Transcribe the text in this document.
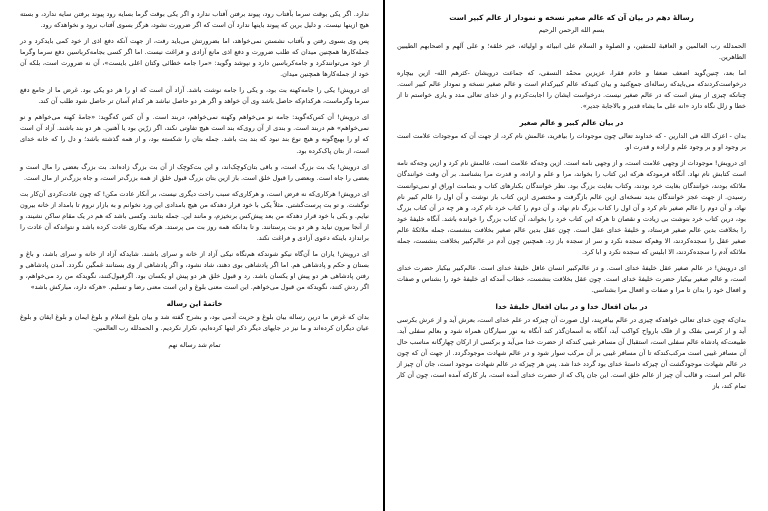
ندارد. اگر یکی بوقت سرما بآفتاب رود، پیوند برفتن آفتاب ندارد و اگر یکی بوقت گرما بسایه رود پیوند برفتن سایه ندارد، و بسته هیچ ازینها نیست. و دلیل برین که پیوند باینها ندارد آن است که اگر ضرورت نشود، هرگز بسوی آفتاب نرود و نخواهدکه رود.

پس وی بسوی رفتن و بآفتاب نشستن نمی‌خواهد، اما بضرورتش می‌باید رفت، از جهت آنکه دفع اذی از خود کمی بایدکرد و در جمله‌کارها همچنین میدان که طلب ضرورت و دفع اذی مانع آزادی و فراغت نیست. اما اگر کسی بجامه‌کرباسین دفع سرما وگرما از خود می‌توانندکرد و جامه‌کرباسین دارد و نپوشد وگوید: «مرا جامه خطائی وکتان اعلی بایست»، آن نه ضرورت است، بلکه آن خود از جمله‌کارها همچنین میدان.

ای درویش! یکی را جامه‌کهنه بت بود، و یکی را جامه نوشت باشد. آزاد آن است که او را هر دو یکی بود. غرض ما از جامع دفع سرما وگرماست، هرکدام‌که حاصل باشد وی آن خواهد و اگر هر دو حاصل نباشد هر کدام آسان تر حاصل شود طلب آن کند.

ای درویش! آن کس‌که‌گوید: جامه نو می‌خواهم وکهنه نمی‌خواهم، دربند است. و آن کس که‌گوید: «جامهٔ کهنه می‌خواهم و نو نمی‌خواهم» هم دربند است. و بندی از آن روی‌که بند است هیچ تفاوتی نکند، اگر زرّین بود یا آهنین. هر دو بند باشند. آزاد آن است که او را بهیچ‌گونه و هیچ نوع بند نبود که بند بت باشد. جمله بتان را شکسته بود، و از همه گذشته باشد؛ و دل را که خانه خدای است، از بتان پاک‌کرده بود.

ای درویش! یک بت بزرگ است، و باقی بتان‌کوچک‌اند، و این بت‌کوچک از آن بت بزرگ زاده‌اند. بت بزرگ بعضی را مال است و بعضی را جاه است. وبعضی را قبول خلق است. باز ازین بتان بزرگ قبول خلق از همه بزرگ‌تر است، و جاه بزرگ‌تر از مال است.

ای درویش! هرکاری‌که نه فرض است، و هرکاری‌که سبب راحت دیگری نیست، بر آنکار عادت مکن! که چون عادت‌کردی آن‌کار بت توگشت. و تو بت پرست‌گشتی. مثلاً یکی با خود قرار دهدکه من هیچ‌ بامدادی این ورد نخوانم و به بازار نروم تا بامداد از خانه بیرون نیایم. و یکی با خود قرار دهدکه من بعد پیش‌کس برنخیزم، و مانند این. جمله بتانند. وکسی باشد که هم در یک مقام ساکن نشیند، و از آنجا بیرون نیاید و هر دو بت پرستانند. و تا بدانکه همه روز بت می پرستد. هرکه بیکاری عادت کرده باشد و نتواندکه آن عادت را براندازد باینکه دعوی آزادی و فراغت نکند.

ای درویش! یاران ما آن‌گاه نیکو شوندکه هم‌نگاه نیکی آزاد از خانه و سرای باشند. شایدکه آزاد از خانه و سرای باشد، و باغ و بستان و حکم و پادشاهی هم. اما اگر پادشاهی بوی دهند، شاد نشود، و اگر پادشاهی از وی بستانند غمگین نگردد. آمدن پادشاهی و رفتن پادشاهی هر دو پیش او یکسان باشد. رد و قبول خلق هر دو پیش او یکسان بود. اگرقبول‌کنند، نگوید‌که من رد می‌خواهم، و اگر ردش کنند، نگوید‌که من قبول می‌خواهم. این است معنی بلوغ و این است معنی رضا و تسلیم. «هرکه دارد، مبارکش باشد»

خاتمهٔ این رساله

بدان که غرض ما درین رساله بیان بلوغ و حریت آدمی بود، و بشرح گفته شد و بیان بلوغ اسلام و بلوغ ایمان و بلوغ ایقان و بلوغ عیان دیگران کرده‌اند و ما نیز در جایهای دیگر ذکر اینها کرده‌ایم، تکرار نکردیم. و الحمدلله رب العالمین.

تمام شد رساله نهم
رسالهٔ دهم در بیان آن که عالم صغیر نسخه و نمودار از عالم کبیر است

بسم الله الرحمن الرحیم

الحمدلله رب العالمین و العاقبة للمتقین، و الصلوة و السلام علی انبیائه و اولیائه، خیر خلقه؛ و علی آلهم و اصحابهم الطیبین الطاهرین.

اما بعد، چنین‌گوید اضعف ضعفا و خادم فقرا، عزیزین محمّد النسفی، که جماعت درویشان -کثرهم الله- ازین بیچاره درخواست‌کردندکه می‌بایدکه رساله‌ای جمع‌کنید و بیان کنیدکه عالم کبیرکدام است و عالم صغیر نسخه و نمودار عالم کبیر است. چنانکه چیزی از بیش است که در عالم صغیر نیست. درخواست ایشان را اجابت‌کردم و از خدای تعالی مدد و یاری خواستم تا از خطا و زلل نگاه دارد «انه علی ما یشاء قدیر و بالاجابة جدیر».

در بیان عالم کبیر و عالم صغیر

بدان - اعزک الله فی الدارین - که خداوند تعالی چون موجودات را بیافرید، عالمش نام کرد، از جهت آن که موجودات علامت است بر وجود او و بر وجود علم و اراده و قدرت او.

ای درویش! موجودات از وجهی علامت است، و از وجهی نامه است. ازین وجه‌که علامت است، عالمش نام کرد و ازین وجه‌که نامه است کتابش نام نهاد. آنگاه فرمودکه هرکه این کتاب را بخواند، مرا و علم و اراده، و قدرت مرا بشناسد. بر آن وقت خوانندگان ملائکه بودند، خوانندگان بغایت خرد بودند، وکتاب بغایت بزرگ بود. نظر خوانندگان بکنارهای کتاب و بتمامت اوراق او نمی‌توانست رسیدن. از جهت عجز خوانندگان بدید نسخه‌ای ازین عالم بازگرفت و مختصری ازین کتاب باز نوشت و آن اول را عالم کبیر نام نهاد، و آن دوم را عالم صغیر نام کرد و آن اول را کتاب بزرگ نام نهاد، و آن دوم را کتاب خرد نام کرد، و هر چه در آن کتاب بزرگ بود، درین کتاب خرد بنوشت بی زیادت و نقصان تا هرکه این کتاب خرد را بخواند، آن کتاب بزرگ را خوانده باشد. آنگاه خلیفهٔ خود را بخلافت بدین عالم صغیر فرستاد، و خلیفهٔ خدای عقل است. چون عقل بدین عالم صغیر بخلافت بنشست، جمله ملائکهٔ عالم صغیر عقل را سجده‌کردند، الا وهم‌که سجده نکرد و سر از سجده باز زد. همچنین چون آدم در عالم‌کبیر بخلافت بنشست، جمله ملائکه آدم را سجده‌کردند، الا ابلیس که سجده نکرد و ابا کرد.

ای درویش! در عالم صغیر عقل خلیفهٔ خدای است. و در عالم‌کبیر انسان عاقل خلیفهٔ خدای است. عالم‌کبیر بیکبار حضرت خدای است، و عالم صغیر بیکبار حضرت خلیفهٔ خدای است. چون عقل بخلافت بنشست، خطاب آمدکه ای خلیفهٔ خود را بشناس و صفات و افعال خود را بدان تا مرا و صفات و افعال مرا بشناسی.

در بیان افعال خدا و در بیان افعال خلیفهٔ خدا

بدان‌که چون خدای تعالی خواهدکه چیزی در عالم بیافریند، اول صورت آن چیزکه در علم خدای است، بعرش آید و از عرش بکرسی آید و از کرسی بفلک و از فلک بارواح کواکب آید، آنگاه به آسمان‌گذر کند آنگاه به نور سیارگان همراه شود و بعالم سفلی آید. طبیعت‌که پادشاه عالم سفلی است، استقبال آن مسافر غیبی کندکه از حضرت خدا می‌آید و برکسی از ارکان چهارگانه مناسب حال آن مسافر غیبی است مرکب‌کندکه تا آن مسافر غیبی بر آن مرکب سوار شود و در عالم شهادت موجودگردد. از جهت آن که چون در عالم شهادت موجودگشت آن چیزکه داستهٔ خدای بود گردد خدا شد. پس هر چیزکه در عالم شهادت موجود است، جان آن چیز از عالم امر است، و قالب آن چیز از عالم خلق است. این جان پاک که از حضرت خدای آمده است، بار کارکه آمده است، چون آن کار تمام کند، باز
